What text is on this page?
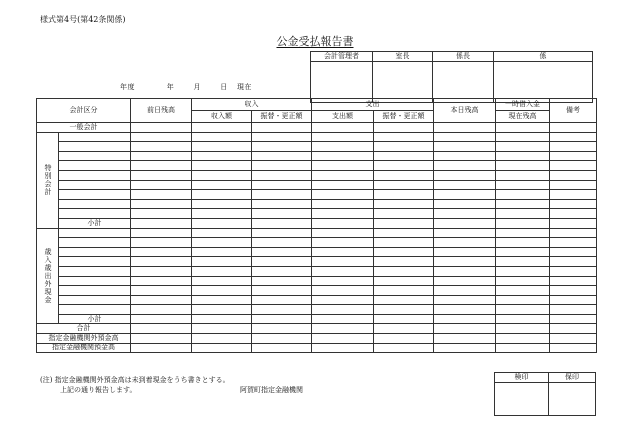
様式第4号(第42条関係)
公金受払報告書
会計管理者	室長	係長	係

年度	年	月	日 現在
会計区分		前日残高	収入		支出		本日残高	一時借入金	備考
			収入額	振替・更正額	支出額	振替・更正額		現在残高	
一般会計									
特別会計									

	小計								
歳入歳出外現金									

	小計								
合計									
指定金融機関外預金高									
指定金融機関預金高									
(注) 指定金融機関外預金高は未到着現金をうち書きとする。
上記の通り報告します。	阿賀町指定金融機関
検印	保印
